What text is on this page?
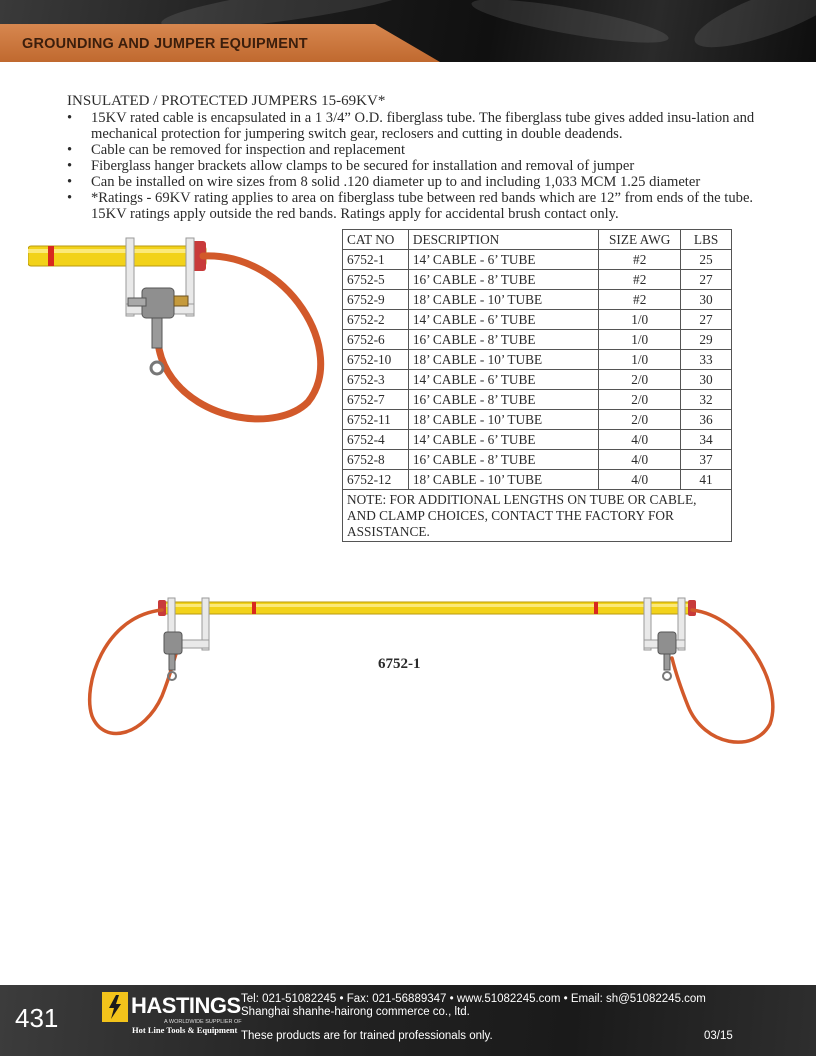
GROUNDING AND JUMPER EQUIPMENT
INSULATED / PROTECTED JUMPERS 15-69KV*
• 15KV rated cable is encapsulated in a 1 3/4” O.D. fiberglass tube. The fiberglass tube gives added insu-lation and mechanical protection for jumpering switch gear, reclosers and cutting in double deadends.
• Cable can be removed for inspection and replacement
• Fiberglass hanger brackets allow clamps to be secured for installation and removal of jumper
• Can be installed on wire sizes from 8 solid .120 diameter up to and including 1,033 MCM 1.25 diameter
• *Ratings - 69KV rating applies to area on fiberglass tube between red bands which are 12” from ends of the tube. 15KV ratings apply outside the red bands. Ratings apply for accidental brush contact only.
CAT NO	DESCRIPTION	SIZE AWG	LBS
6752-1	14’ CABLE - 6’ TUBE	#2	25
6752-5	16’ CABLE - 8’ TUBE	#2	27
6752-9	18’ CABLE - 10’ TUBE	#2	30
6752-2	14’ CABLE - 6’ TUBE	1/0	27
6752-6	16’ CABLE - 8’ TUBE	1/0	29
6752-10	18’ CABLE - 10’ TUBE	1/0	33
6752-3	14’ CABLE - 6’ TUBE	2/0	30
6752-7	16’ CABLE - 8’ TUBE	2/0	32
6752-11	18’ CABLE - 10’ TUBE	2/0	36
6752-4	14’ CABLE - 6’ TUBE	4/0	34
6752-8	16’ CABLE - 8’ TUBE	4/0	37
6752-12	18’ CABLE - 10’ TUBE	4/0	41
NOTE: FOR ADDITIONAL LENGTHS ON TUBE OR CABLE, AND CLAMP CHOICES, CONTACT THE FACTORY FOR ASSISTANCE.			
6752-1
431	HASTINGS
A WORLDWIDE SUPPLIER OF
Hot Line Tools & Equipment
Tel: 021-51082245 • Fax: 021-56889347 • www.51082245.com • Email: sh@51082245.com
Shanghai shanhe-hairong commerce co., ltd.
These products are for trained professionals only.	03/15
